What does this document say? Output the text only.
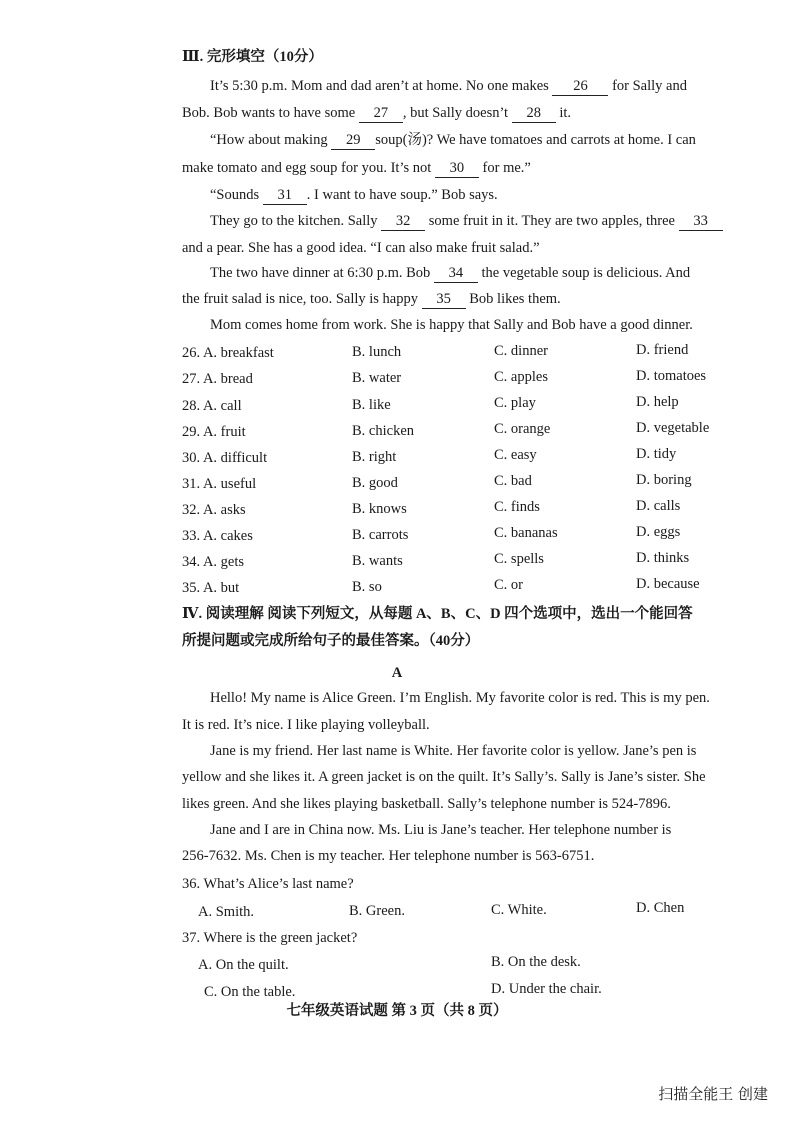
Ⅲ. 完形填空（10分）
It’s 5:30 p.m. Mom and dad aren’t at home. No one makes 26 for Sally and
Bob. Bob wants to have some 27 , but Sally doesn’t 28 it.
“How about making 29 soup(汤)? We have tomatoes and carrots at home. I can
make tomato and egg soup for you. It’s not 30 for me.”
“Sounds 31 . I want to have soup.” Bob says.
They go to the kitchen. Sally 32 some fruit in it. They are two apples, three 33
and a pear. She has a good idea. “I can also make fruit salad.”
The two have dinner at 6:30 p.m. Bob 34 the vegetable soup is delicious. And
the fruit salad is nice, too. Sally is happy 35 Bob likes them.
Mom comes home from work. She is happy that Sally and Bob have a good dinner.
26. A. breakfast	B. lunch	C. dinner	D. friend
27. A. bread	B. water	C. apples	D. tomatoes
28. A. call	B. like	C. play	D. help
29. A. fruit	B. chicken	C. orange	D. vegetable
30. A. difficult	B. right	C. easy	D. tidy
31. A. useful	B. good	C. bad	D. boring
32. A. asks	B. knows	C. finds	D. calls
33. A. cakes	B. carrots	C. bananas	D. eggs
34. A. gets	B. wants	C. spells	D. thinks
35. A. but	B. so	C. or	D. because
Ⅳ. 阅读理解 阅读下列短文，从每题 A、B、C、D 四个选项中，选出一个能回答
所提问题或完成所给句子的最佳答案。（40分）
A
Hello! My name is Alice Green. I’m English. My favorite color is red. This is my pen.
It is red. It’s nice. I like playing volleyball.
Jane is my friend. Her last name is White. Her favorite color is yellow. Jane’s pen is
yellow and she likes it. A green jacket is on the quilt. It’s Sally’s. Sally is Jane’s sister. She
likes green. And she likes playing basketball. Sally’s telephone number is 524-7896.
Jane and I are in China now. Ms. Liu is Jane’s teacher. Her telephone number is
256-7632. Ms. Chen is my teacher. Her telephone number is 563-6751.
36. What’s Alice’s last name?
A. Smith.	B. Green.	C. White.	D. Chen
37. Where is the green jacket?
A. On the quilt.	B. On the desk.
C. On the table.	D. Under the chair.
七年级英语试题 第 3 页（共 8 页）
扫描全能王 创建
